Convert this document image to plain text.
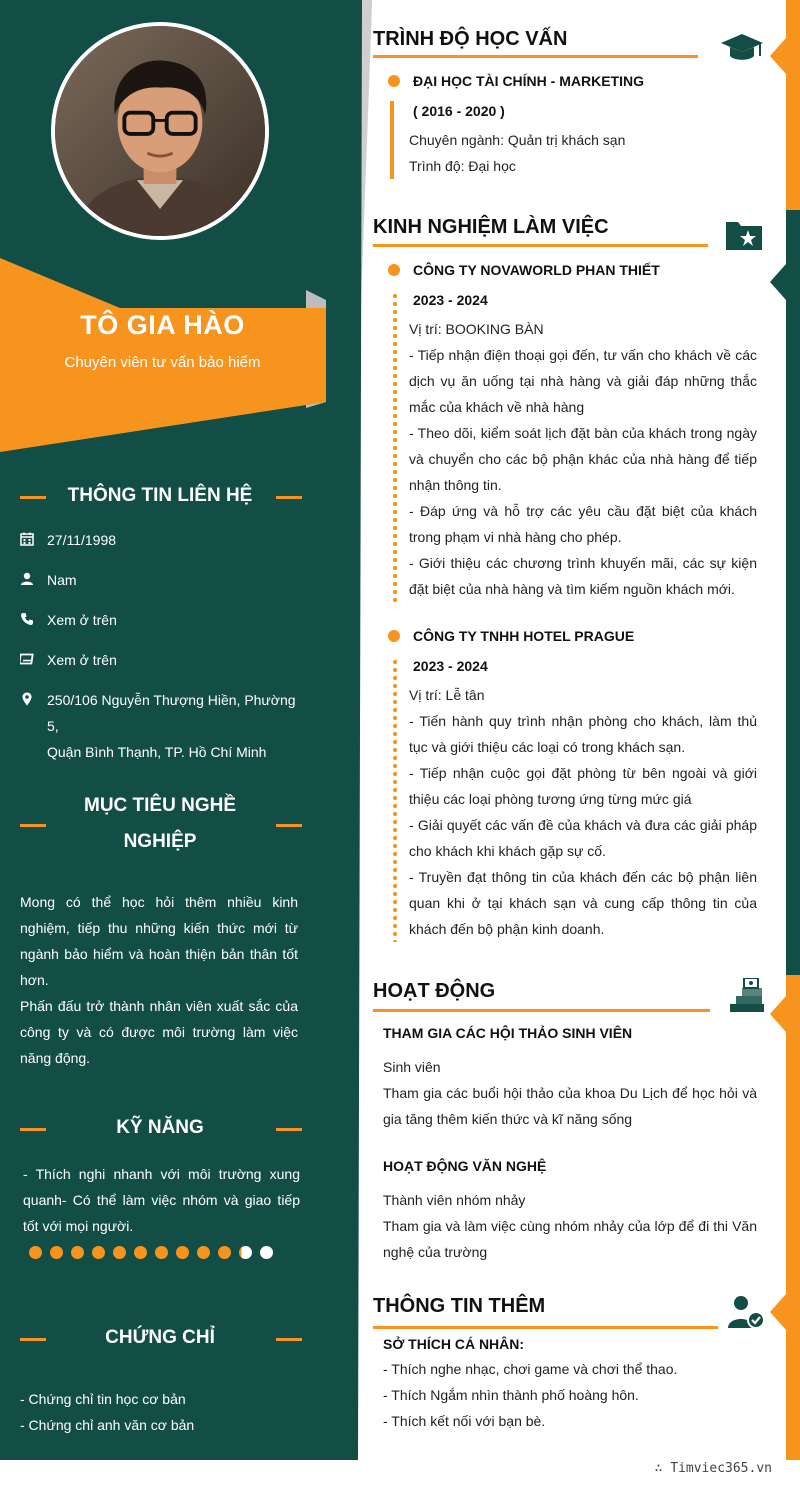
TÔ GIA HÀO
Chuyên viên tư vấn bảo hiểm
THÔNG TIN LIÊN HỆ
27/11/1998
Nam
Xem ở trên
Xem ở trên
250/106 Nguyễn Thượng Hiền, Phường 5,
Quận Bình Thạnh, TP. Hồ Chí Minh
MỤC TIÊU NGHỀ
NGHIỆP
Mong có thể học hỏi thêm nhiều kinh nghiệm, tiếp thu những kiến thức mới từ ngành bảo hiểm và hoàn thiện bản thân tốt hơn.
Phấn đấu trở thành nhân viên xuất sắc của công ty và có được môi trường làm việc năng động.
KỸ NĂNG
- Thích nghi nhanh với môi trường xung quanh- Có thể làm việc nhóm và giao tiếp tốt với mọi người.
CHỨNG CHỈ
- Chứng chỉ tin học cơ bản
- Chứng chỉ anh văn cơ bản
TRÌNH ĐỘ HỌC VẤN
ĐẠI HỌC TÀI CHÍNH - MARKETING
( 2016 - 2020 )
Chuyên ngành: Quản trị khách sạn
Trình độ: Đại học
KINH NGHIỆM LÀM VIỆC
CÔNG TY NOVAWORLD PHAN THIẾT
2023 - 2024
Vị trí: BOOKING BÀN
- Tiếp nhận điện thoại gọi đến, tư vấn cho khách về các dịch vụ ăn uống tại nhà hàng và giải đáp những thắc mắc của khách về nhà hàng
- Theo dõi, kiểm soát lịch đặt bàn của khách trong ngày và chuyển cho các bộ phận khác của nhà hàng để tiếp nhận thông tin.
- Đáp ứng và hỗ trợ các yêu cầu đặt biệt của khách trong phạm vi nhà hàng cho phép.
- Giới thiệu các chương trình khuyến mãi, các sự kiện đặt biệt của nhà hàng và tìm kiếm nguồn khách mới.
CÔNG TY TNHH HOTEL PRAGUE
2023 - 2024
Vị trí: Lễ tân
- Tiến hành quy trình nhận phòng cho khách, làm thủ tục và giới thiệu các loại có trong khách sạn.
- Tiếp nhận cuộc gọi đặt phòng từ bên ngoài và giới thiệu các loại phòng tương ứng từng mức giá
- Giải quyết các vấn đề của khách và đưa các giải pháp cho khách khi khách gặp sự cố.
- Truyền đạt thông tin của khách đến các bộ phận liên quan khi ở tại khách sạn và cung cấp thông tin của khách đến bộ phận kinh doanh.
HOẠT ĐỘNG
THAM GIA CÁC HỘI THẢO SINH VIÊN
Sinh viên
Tham gia các buổi hội thảo của khoa Du Lịch để học hỏi và gia tăng thêm kiến thức và kĩ năng sống
HOẠT ĐỘNG VĂN NGHỆ
Thành viên nhóm nhảy
Tham gia và làm việc cùng nhóm nhảy của lớp để đi thi Văn nghệ của trường
THÔNG TIN THÊM
SỞ THÍCH CÁ NHÂN:
- Thích nghe nhạc, chơi game và chơi thể thao.
- Thích Ngắm nhìn thành phố hoàng hôn.
- Thích kết nối với bạn bè.
∴ Timviec365.vn
